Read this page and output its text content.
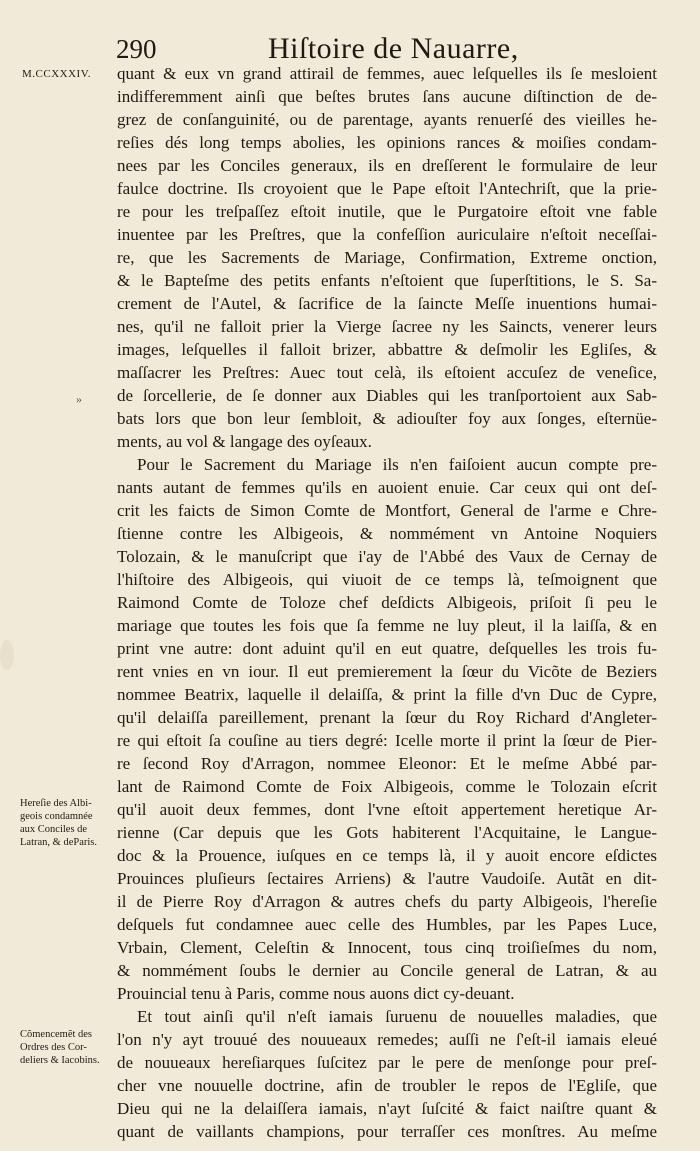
290	Hiſtoire de Nauarre,
M.CCXXXIV.
»
Hereſie des Albi-
geois condamnée
aux Conciles de
Latran, & deParis.
Cõmencemẽt des
Ordres des Cor-
deliers & Iacobins.
quant & eux vn grand attirail de femmes, auec leſquelles ils ſe mesloient
indifferemment ainſi que beſtes brutes ſans aucune diſtinction de de-
grez de conſanguinité, ou de parentage, ayants renuerſé des vieilles he-
reſies dés long temps abolies, les opinions rances & moiſies condam-
nees par les Conciles generaux, ils en dreſſerent le formulaire de leur
faulce doctrine. Ils croyoient que le Pape eſtoit l'Antechriſt, que la prie-
re pour les treſpaſſez eſtoit inutile, que le Purgatoire eſtoit vne fable
inuentee par les Preſtres, que la confeſſion auriculaire n'eſtoit neceſſai-
re, que les Sacrements de Mariage, Confirmation, Extreme onction,
& le Bapteſme des petits enfants n'eſtoient que ſuperſtitions, le S. Sa-
crement de l'Autel, & ſacrifice de la ſaincte Meſſe inuentions humai-
nes, qu'il ne falloit prier la Vierge ſacree ny les Saincts, venerer leurs
images, leſquelles il falloit brizer, abbattre & deſmolir les Egliſes, &
maſſacrer les Preſtres: Auec tout celà, ils eſtoient accuſez de veneſice,
de ſorcellerie, de ſe donner aux Diables qui les tranſportoient aux Sab-
bats lors que bon leur ſembloit, & adiouſter foy aux ſonges, eſternüe-
ments, au vol & langage des oyſeaux.
Pour le Sacrement du Mariage ils n'en faiſoient aucun compte pre-
nants autant de femmes qu'ils en auoient enuie. Car ceux qui ont deſ-
crit les faicts de Simon Comte de Montfort, General de l'arme e Chre-
ſtienne contre les Albigeois, & nommément vn Antoine Noquiers
Tolozain, & le manuſcript que i'ay de l'Abbé des Vaux de Cernay de
l'hiſtoire des Albigeois, qui viuoit de ce temps là, teſmoignent que
Raimond Comte de Toloze chef deſdicts Albigeois, priſoit ſi peu le
mariage que toutes les fois que ſa femme ne luy pleut, il la laiſſa, & en
print vne autre: dont aduint qu'il en eut quatre, deſquelles les trois fu-
rent vnies en vn iour. Il eut premierement la ſœur du Vicõte de Beziers
nommee Beatrix, laquelle il delaiſſa, & print la fille d'vn Duc de Cypre,
qu'il delaiſſa pareillement, prenant la ſœur du Roy Richard d'Angleter-
re qui eſtoit ſa couſine au tiers degré: Icelle morte il print la ſœur de Pier-
re ſecond Roy d'Arragon, nommee Eleonor: Et le meſme Abbé par-
lant de Raimond Comte de Foix Albigeois, comme le Tolozain eſcrit
qu'il auoit deux femmes, dont l'vne eſtoit appertement heretique Ar-
rienne (Car depuis que les Gots habiterent l'Acquitaine, le Langue-
doc & la Prouence, iuſques en ce temps là, il y auoit encore eſdictes
Prouinces pluſieurs ſectaires Arriens) & l'autre Vaudoiſe. Autãt en dit-
il de Pierre Roy d'Arragon & autres chefs du party Albigeois, l'hereſie
deſquels fut condamnee auec celle des Humbles, par les Papes Luce,
Vrbain, Clement, Celeſtin & Innocent, tous cinq troiſieſmes du nom,
& nommément ſoubs le dernier au Concile general de Latran, & au
Prouincial tenu à Paris, comme nous auons dict cy-deuant.
Et tout ainſi qu'il n'eſt iamais ſuruenu de nouuelles maladies, que
l'on n'y ayt trouué des nouueaux remedes; auſſi ne ſ'eſt-il iamais eleué
de nouueaux hereſiarques ſuſcitez par le pere de menſonge pour preſ-
cher vne nouuelle doctrine, afin de troubler le repos de l'Egliſe, que
Dieu qui ne la delaiſſera iamais, n'ayt ſuſcité & faict naiſtre quant &
quant de vaillants champions, pour terraſſer ces monſtres. Au meſme
